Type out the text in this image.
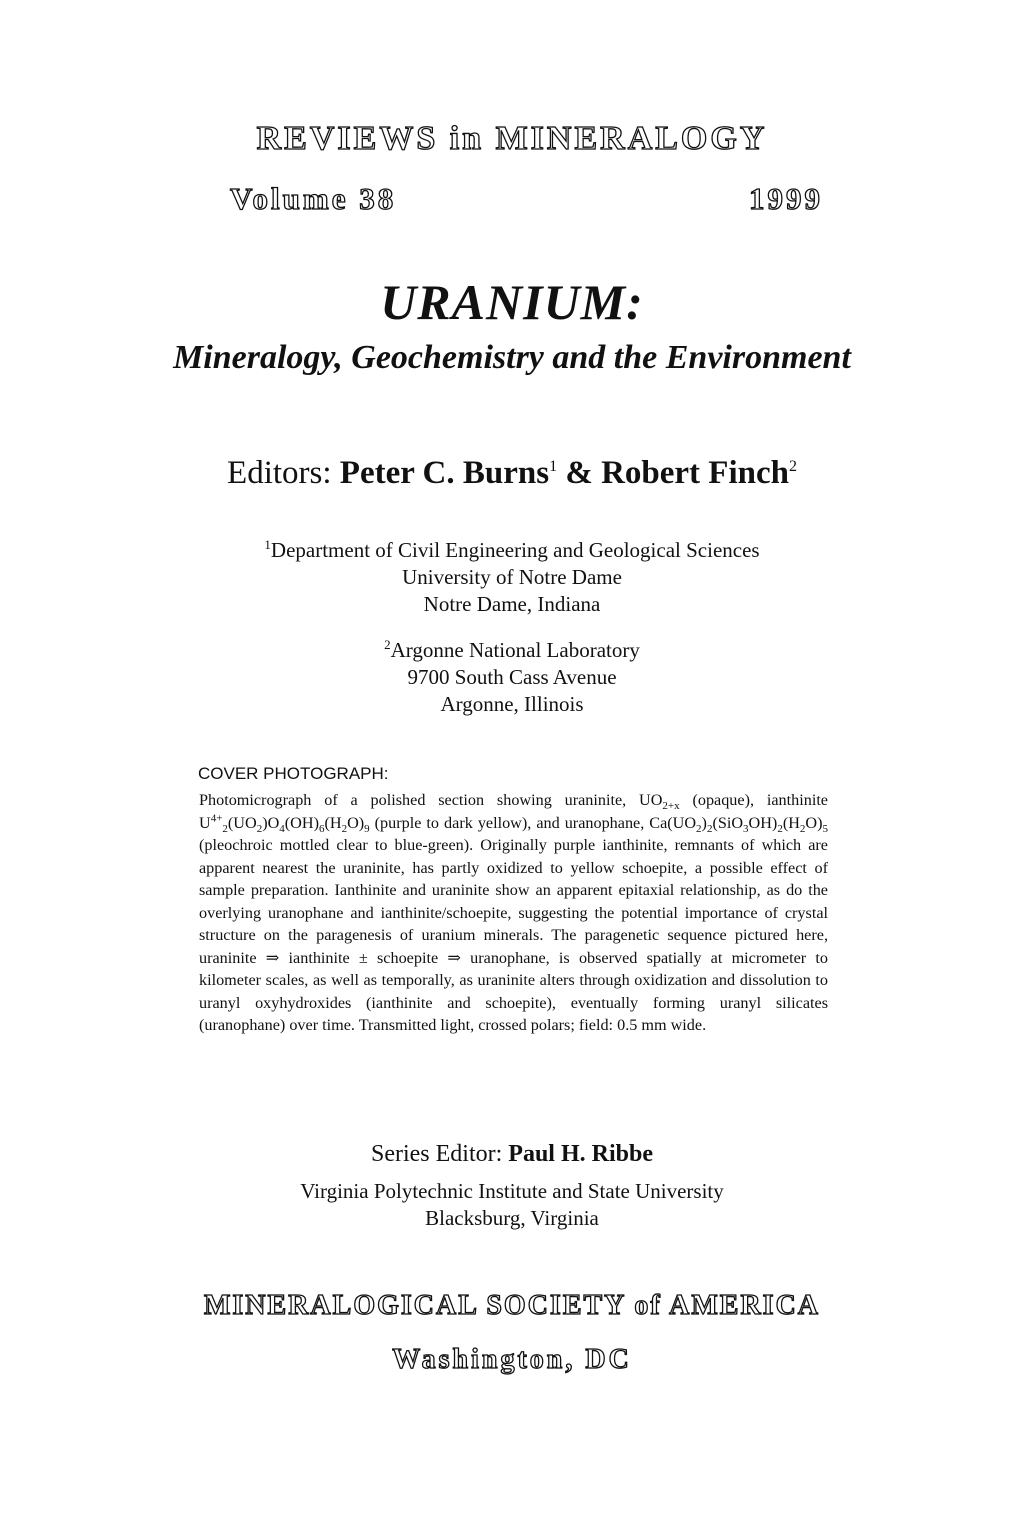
REVIEWS in MINERALOGY
Volume 38	1999
URANIUM:
Mineralogy, Geochemistry and the Environment
Editors: Peter C. Burns$^1$ & Robert Finch$^2$
$^1$Department of Civil Engineering and Geological Sciences
University of Notre Dame
Notre Dame, Indiana
$^2$Argonne National Laboratory
9700 South Cass Avenue
Argonne, Illinois
COVER PHOTOGRAPH:
Photomicrograph of a polished section showing uraninite, $UO_{2+x}$ (opaque), ianthinite $U^{4+}_2(UO_2)O_4(OH)_6(H_2O)_9$ (purple to dark yellow), and uranophane, $Ca(UO_2)_2(SiO_3OH)_2(H_2O)_5$ (pleochroic mottled clear to blue-green). Originally purple ianthinite, remnants of which are apparent nearest the uraninite, has partly oxidized to yellow schoepite, a possible effect of sample preparation. Ianthinite and uraninite show an apparent epitaxial relationship, as do the overlying uranophane and ianthinite/schoepite, suggesting the potential importance of crystal structure on the paragenesis of uranium minerals. The paragenetic sequence pictured here, uraninite ⇒ ianthinite ± schoepite ⇒ uranophane, is observed spatially at micrometer to kilometer scales, as well as temporally, as uraninite alters through oxidization and dissolution to uranyl oxyhydroxides (ianthinite and schoepite), eventually forming uranyl silicates (uranophane) over time. Transmitted light, crossed polars; field: 0.5 mm wide.
Series Editor: Paul H. Ribbe
Virginia Polytechnic Institute and State University
Blacksburg, Virginia
MINERALOGICAL SOCIETY of AMERICA
Washington, DC
